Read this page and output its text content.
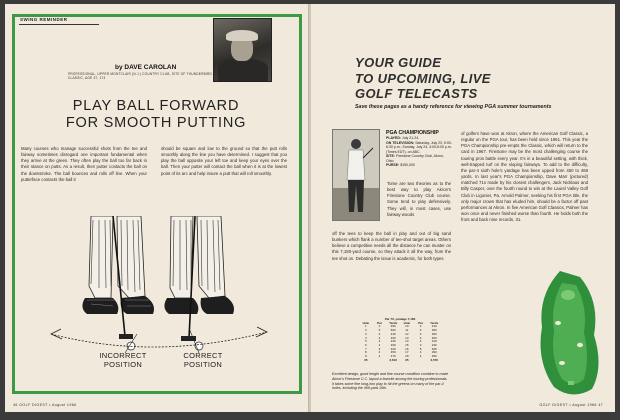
SWING REMINDER
by DAVE CAROLAN
PROFESSIONAL, UPPER MONTCLAIR (N.J.) COUNTRY CLUB, SITE OF THUNDERBIRD CLASSIC, AGE 37, 174
PLAY BALL FORWARD
FOR SMOOTH PUTTING
Many courses who manage successful shots from the tee and fairway sometimes disregard one important fundamental when they arrive at the green. They often play the ball too far back in their stance on putts. As a result, their putter contacts the ball on the downstroke. The ball bounces and rolls off line. When your putterface contacts the ball it
should be square and low to the ground so that the putt rolls smoothly along the line you have determined. I suggest that you play the ball opposite your left toe and keep your eyes over the ball. Then your putter will contact the ball when it is at the lowest point of its arc and help insure a putt that will roll smoothly.
INCORRECT
POSITION
CORRECT
POSITION
46 GOLF DIGEST • August 1966
YOUR GUIDE
TO UPCOMING, LIVE
GOLF TELECASTS
Save these pages as a handy reference for viewing PGA summer tournaments
PGA CHAMPIONSHIP
PLAYED: July 21-24.
ON TELEVISION: Saturday, July 23, 5:00-6:30 p.m.; Sunday, July 24, 4:00-6:00 p.m. (Times EDT), on ABC.
SITE: Firestone Country Club, Akron, Ohio.
PURSE: $150,000
Tome are two theories as to the best way to play Akron's Firestone Country Club course. Some tend to play defensively. They will, in most cases, use fairway woods
off the tees to keep the ball in play and out of big sand bunkers which flank a number of tee-shot target areas. Others believe a competitive needs all the distance he can muster on this 7,180-yard course, so they attack it all the way, from the tee shot on. Debating the issue is academic, for both types
of golfers have won at Akron, where the American Golf Classic, a regular on the PGA tour, has been held since 1961. This year the PGA Championship pre-empts the Classic, which will return to the card in 1967. Firestone may be the most challenging course the touring pros battle every year. It's in a beautiful setting, with thick, well-trapped turf on the sloping fairways. To add to the difficulty, the par-4 sixth hole's yardage has been upped from 450 to 469 yards. In last year's PGA Championship, Dave Marr (pictured) matched 71s made by his closest challengers, Jack Nicklaus and Billy Casper, over the fourth round to win at the Laurel Valley Golf Club in Ligonier, Pa. Arnold Palmer, seeking his first PGA title, the only major crown that has eluded him, should be a factor off past performances at Akron. In five American Golf Classics, Palmer has won once and never finished worse than fourth. He holds both the front and back nine records, 31.
Par 70, yardage 7,180
Hole	Par	Yards	Hole	Par	Yards
1	4	390	10	4	410
2	5	500	11	4	360
3	4	440	12	3	180
4	4	460	13	4	460
5	3	230	14	4	410
6	4	469	15	3	230
7	3	220	16	5	625
8	4	450	17	4	390
9	4	470	18	4	450
35	3,610	35	3,570
Excellent design, good length and fine course condition combine to make Akron's Firestone C.C. layout a favorite among the touring professionals. It takes some fine long-iron play to hit the greens on many of the par-4 holes, including the 469-yard 16th.
GOLF DIGEST • August 1966 47
